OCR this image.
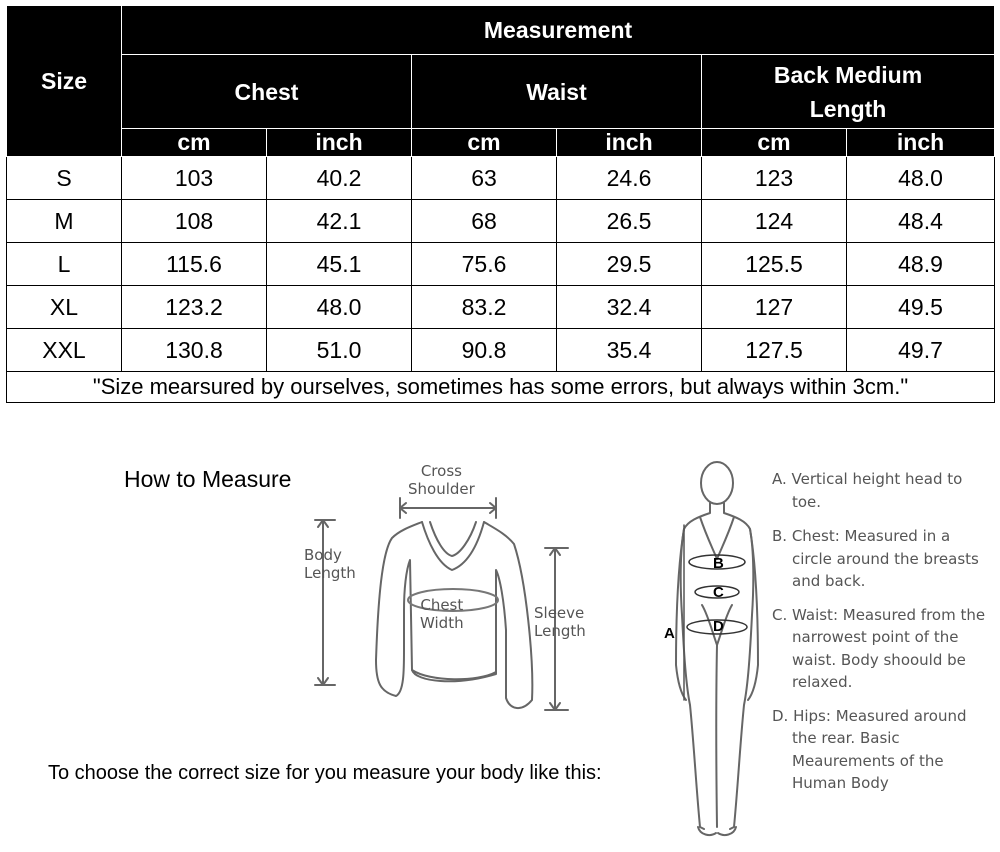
Size	Measurement					
	Chest		Waist		Back Medium Length	
	cm	inch	cm	inch	cm	inch
S	103	40.2	63	24.6	123	48.0
M	108	42.1	68	26.5	124	48.4
L	115.6	45.1	75.6	29.5	125.5	48.9
XL	123.2	48.0	83.2	32.4	127	49.5
XXL	130.8	51.0	90.8	35.4	127.5	49.7
"Size mearsured by ourselves, sometimes has some errors, but always within 3cm."						
How to Measure	Cross
Shoulder
Body
Length
Chest
Width
Sleeve
Length	A
B
C
D
A. Vertical height head to toe.
B. Chest: Measured in a circle around the breasts and back.
C. Waist: Measured from the narrowest point of the waist. Body shoould be relaxed.
D. Hips: Measured around the rear. Basic Meaurements of the Human Body
To choose the correct size for you measure your body like this:
